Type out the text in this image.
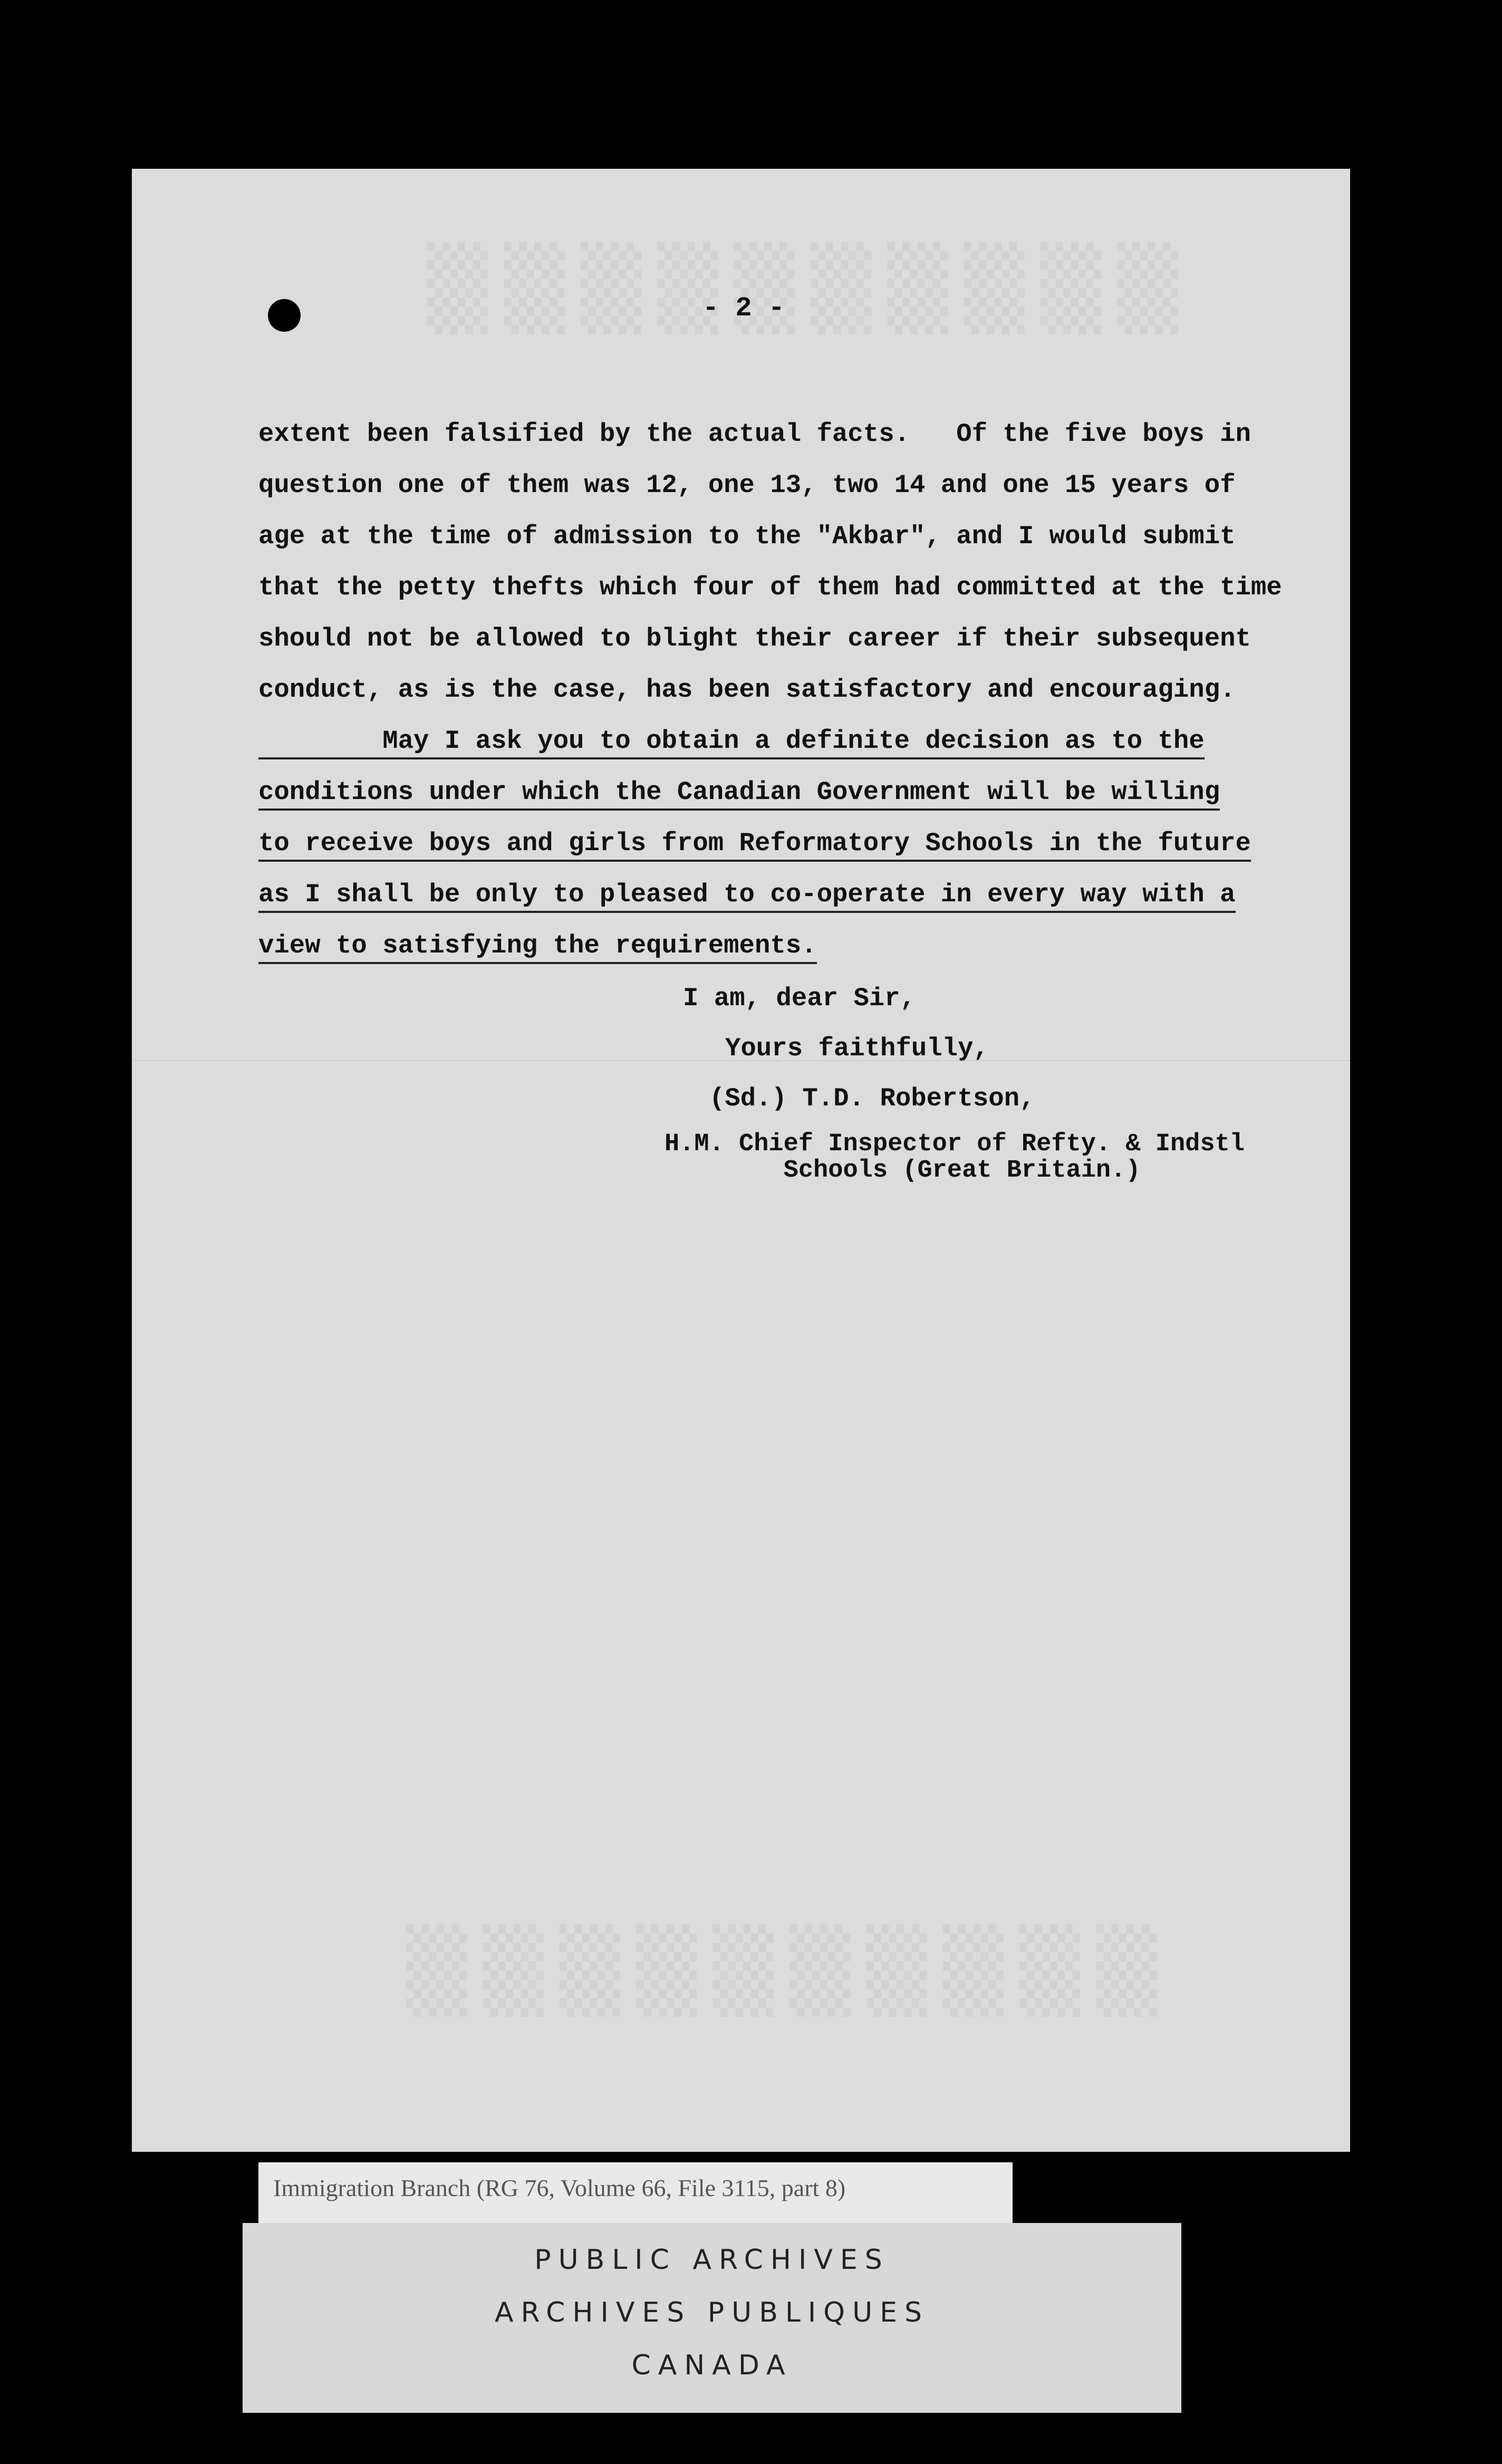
- 2 -
extent been falsified by the actual facts.   Of the five boys in
question one of them was 12, one 13, two 14 and one 15 years of
age at the time of admission to the "Akbar", and I would submit
that the petty thefts which four of them had committed at the time
should not be allowed to blight their career if their subsequent
conduct, as is the case, has been satisfactory and encouraging.
May I ask you to obtain a definite decision as to the
conditions under which the Canadian Government will be willing
to receive boys and girls from Reformatory Schools in the future
as I shall be only to pleased to co-operate in every way with a
view to satisfying the requirements.
I am, dear Sir,
Yours faithfully,
(Sd.) T.D. Robertson,
H.M. Chief Inspector of Refty. & Indstl
Schools (Great Britain.)
Immigration Branch (RG 76, Volume 66, File 3115, part 8)
PUBLIC ARCHIVES
ARCHIVES PUBLIQUES
CANADA
